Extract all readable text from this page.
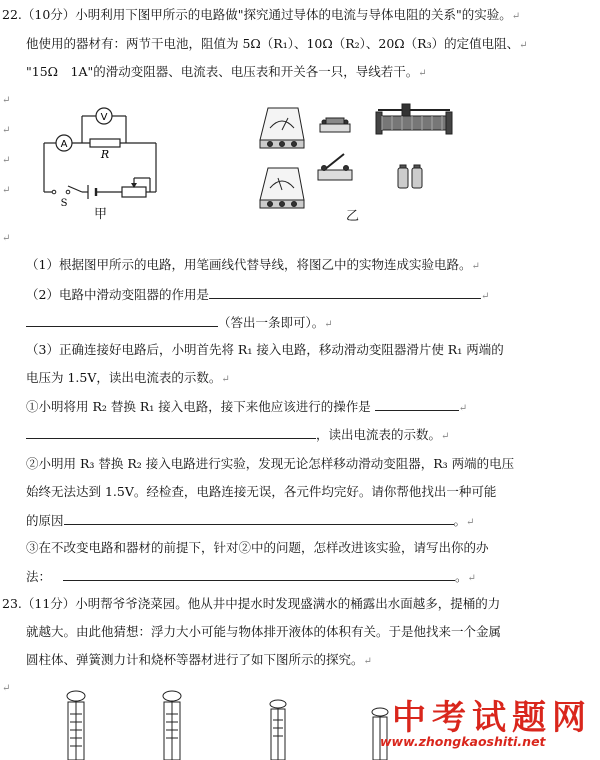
22.（10分）小明利用下图甲所示的电路做"探究通过导体的电流与导体电阻的关系"的实验。↵
他使用的器材有：两节干电池，阻值为 5Ω（R₁）、10Ω（R₂）、20Ω（R₃）的定值电阻、↵
"15Ω　1A"的滑动变阻器、电流表、电压表和开关各一只，导线若干。↵
↵
↵
↵
↵
↵
A
V
R
S
甲	乙
（1）根据图甲所示的电路，用笔画线代替导线，将图乙中的实物连成实验电路。↵
（2）电路中滑动变阻器的作用是	↵
（答出一条即可）。↵
（3）正确连接好电路后，小明首先将 R₁ 接入电路，移动滑动变阻器滑片使 R₁ 两端的
电压为 1.5V，读出电流表的示数。↵
①小明将用 R₂ 替换 R₁ 接入电路，接下来他应该进行的操作是	↵
，读出电流表的示数。↵
②小明用 R₃ 替换 R₂ 接入电路进行实验，发现无论怎样移动滑动变阻器，R₃ 两端的电压
始终无法达到 1.5V。经检查，电路连接无误，各元件均完好。请你帮他找出一种可能
的原因	。↵
③在不改变电路和器材的前提下，针对②中的问题，怎样改进该实验，请写出你的办
法：	。↵
23.（11分）小明帮爷爷浇菜园。他从井中提水时发现盛满水的桶露出水面越多，提桶的力
就越大。由此他猜想：浮力大小可能与物体排开液体的体积有关。于是他找来一个金属
圆柱体、弹簧测力计和烧杯等器材进行了如下图所示的探究。↵
↵
中考试题网
www.zhongkaoshiti.net
